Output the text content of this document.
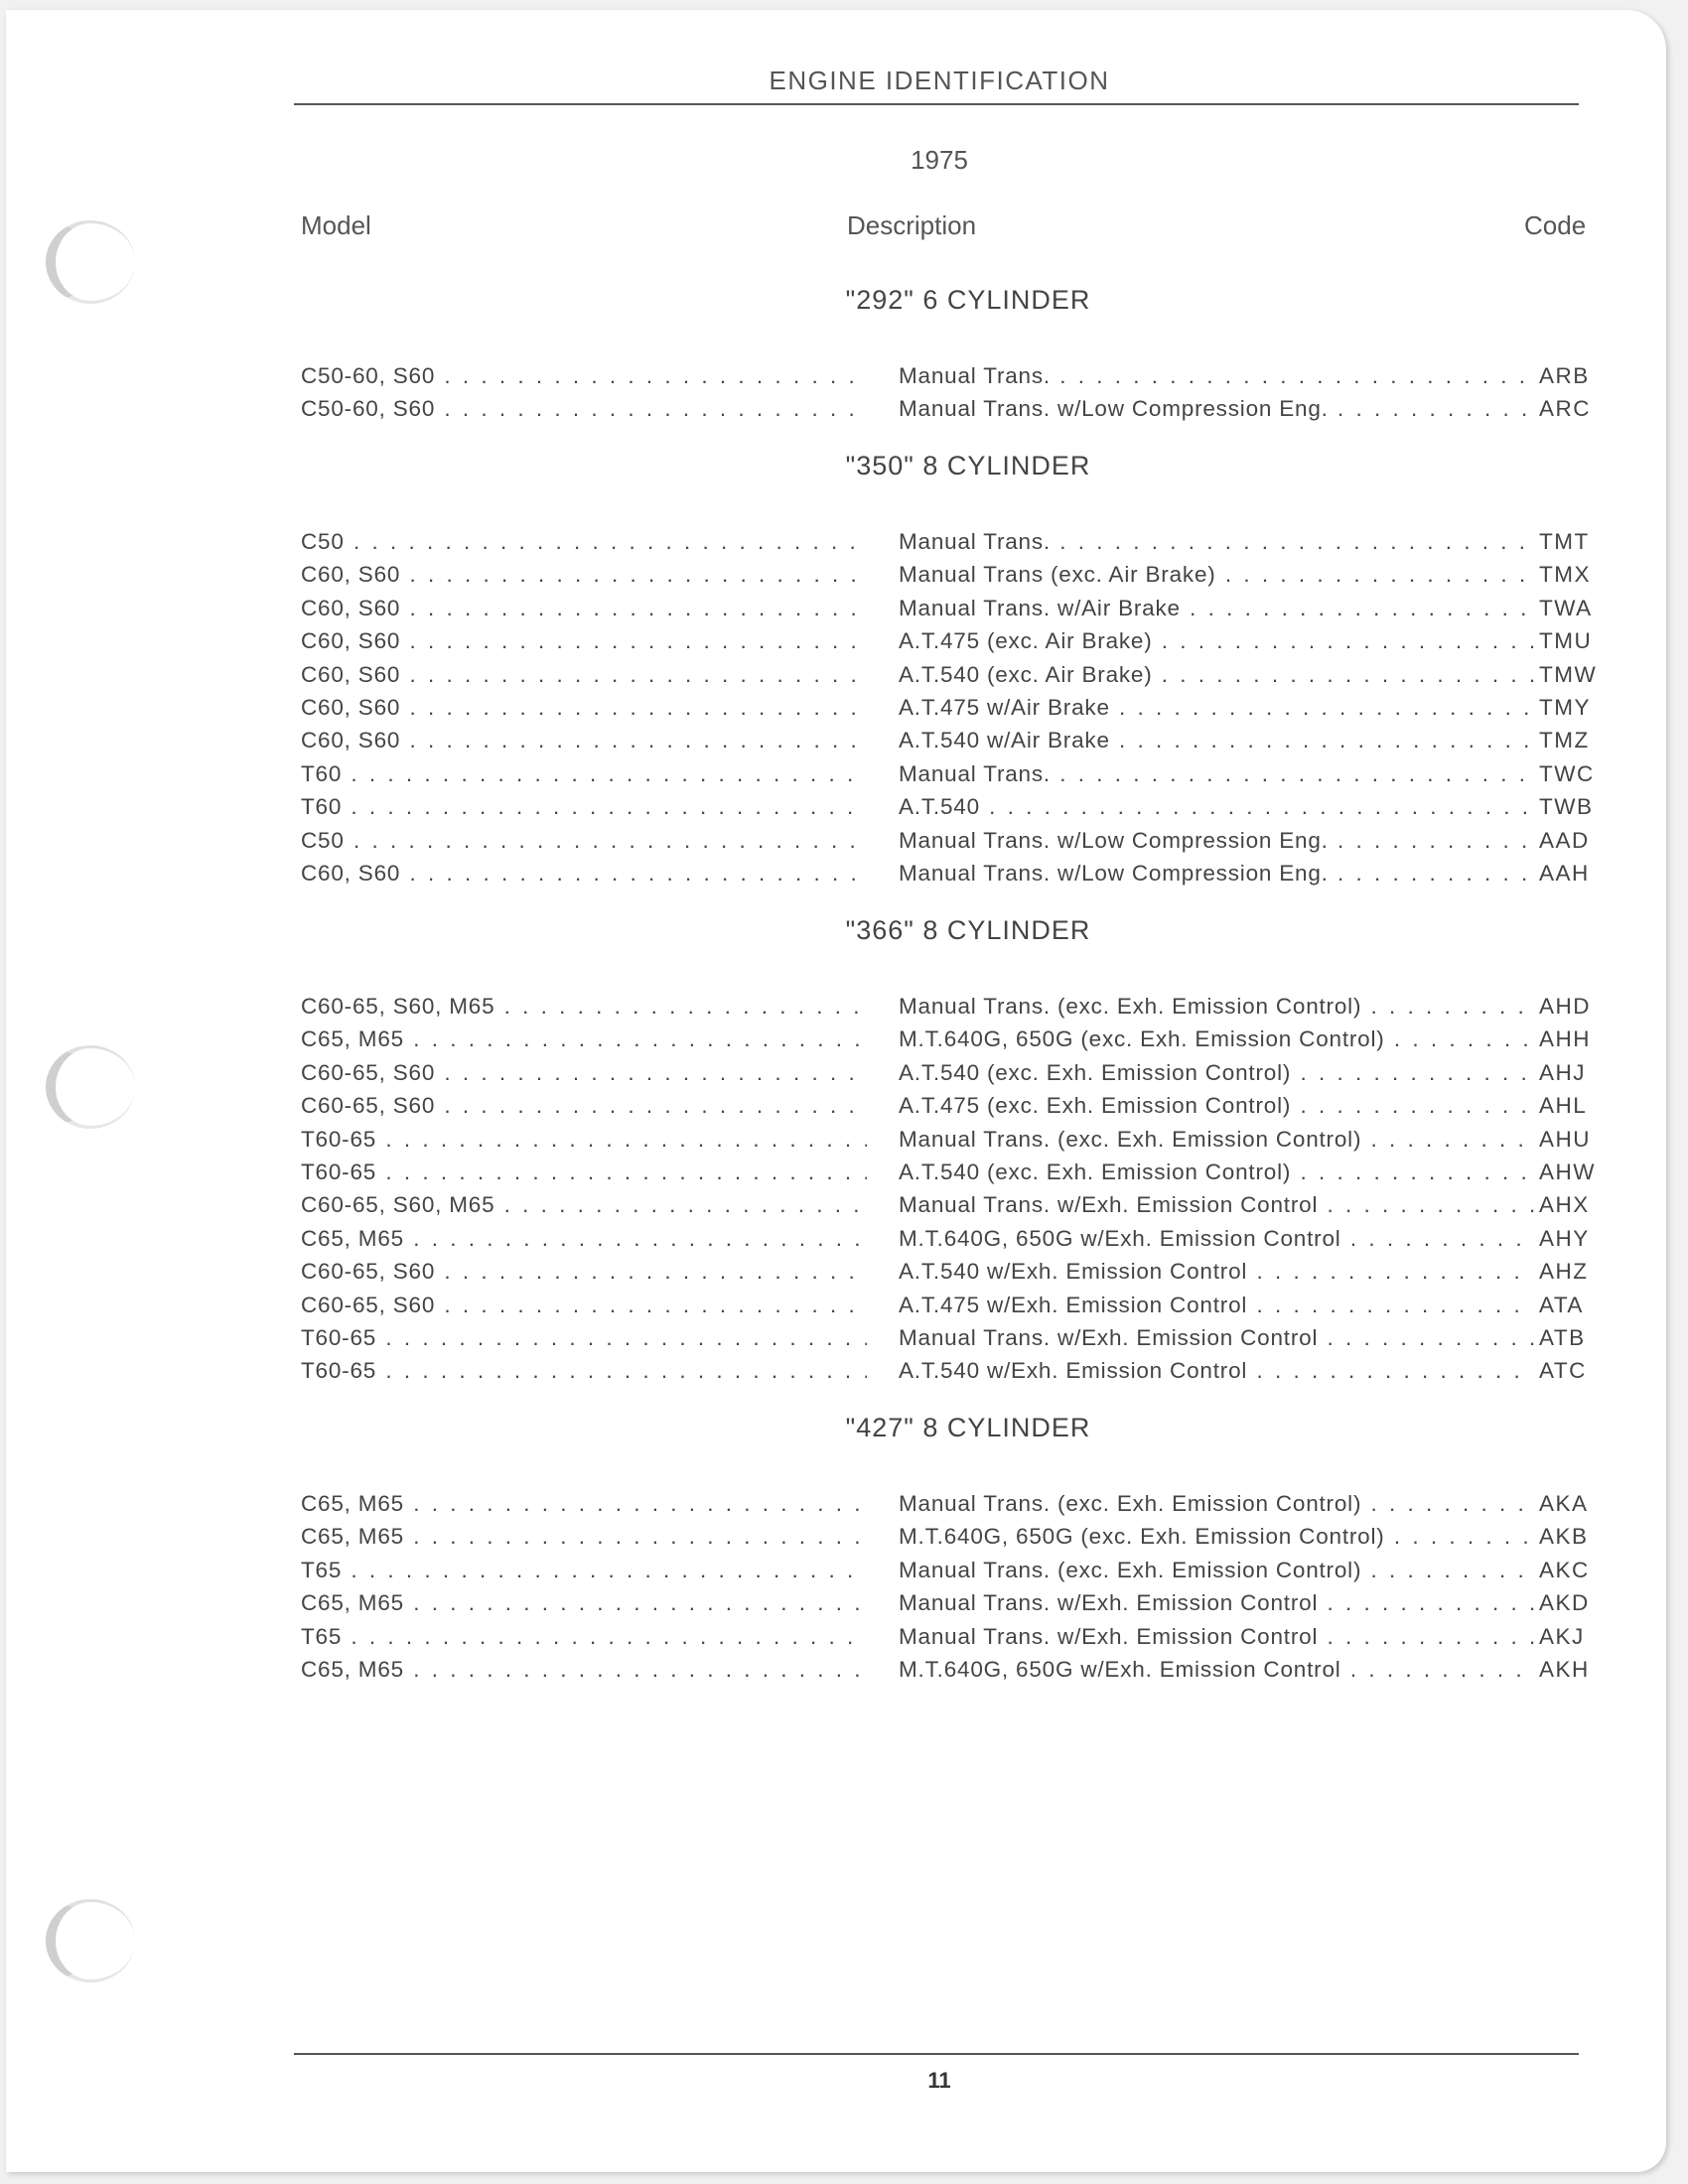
ENGINE IDENTIFICATION
1975
Model	Description	Code
"292" 6 CYLINDER
C50-60, S60 . . .	Manual Trans. . . .	ARB
C50-60, S60 . . .	Manual Trans. w/Low Compression Eng. . . .	ARC
"350" 8 CYLINDER
C50 . . .	Manual Trans. . . .	TMT
C60, S60 . . .	Manual Trans (exc. Air Brake) . . .	TMX
C60, S60 . . .	Manual Trans. w/Air Brake . . .	TWA
C60, S60 . . .	A.T.475 (exc. Air Brake) . . .	TMU
C60, S60 . . .	A.T.540 (exc. Air Brake) . . .	TMW
C60, S60 . . .	A.T.475 w/Air Brake . . .	TMY
C60, S60 . . .	A.T.540 w/Air Brake . . .	TMZ
T60 . . .	Manual Trans. . . .	TWC
T60 . . .	A.T.540 . . .	TWB
C50 . . .	Manual Trans. w/Low Compression Eng. . . .	AAD
C60, S60 . . .	Manual Trans. w/Low Compression Eng. . . .	AAH
"366" 8 CYLINDER
C60-65, S60, M65 . . .	Manual Trans. (exc. Exh. Emission Control) . . .	AHD
C65, M65 . . .	M.T.640G, 650G (exc. Exh. Emission Control) . . .	AHH
C60-65, S60 . . .	A.T.540 (exc. Exh. Emission Control) . . .	AHJ
C60-65, S60 . . .	A.T.475 (exc. Exh. Emission Control) . . .	AHL
T60-65 . . .	Manual Trans. (exc. Exh. Emission Control) . . .	AHU
T60-65 . . .	A.T.540 (exc. Exh. Emission Control) . . .	AHW
C60-65, S60, M65 . . .	Manual Trans. w/Exh. Emission Control . . .	AHX
C65, M65 . . .	M.T.640G, 650G w/Exh. Emission Control . . .	AHY
C60-65, S60 . . .	A.T.540 w/Exh. Emission Control . . .	AHZ
C60-65, S60 . . .	A.T.475 w/Exh. Emission Control . . .	ATA
T60-65 . . .	Manual Trans. w/Exh. Emission Control . . .	ATB
T60-65 . . .	A.T.540 w/Exh. Emission Control . . .	ATC
"427" 8 CYLINDER
C65, M65 . . .	Manual Trans. (exc. Exh. Emission Control) . . .	AKA
C65, M65 . . .	M.T.640G, 650G (exc. Exh. Emission Control) . . .	AKB
T65 . . .	Manual Trans. (exc. Exh. Emission Control) . . .	AKC
C65, M65 . . .	Manual Trans. w/Exh. Emission Control . . .	AKD
T65 . . .	Manual Trans. w/Exh. Emission Control . . .	AKJ
C65, M65 . . .	M.T.640G, 650G w/Exh. Emission Control . . .	AKH
11
